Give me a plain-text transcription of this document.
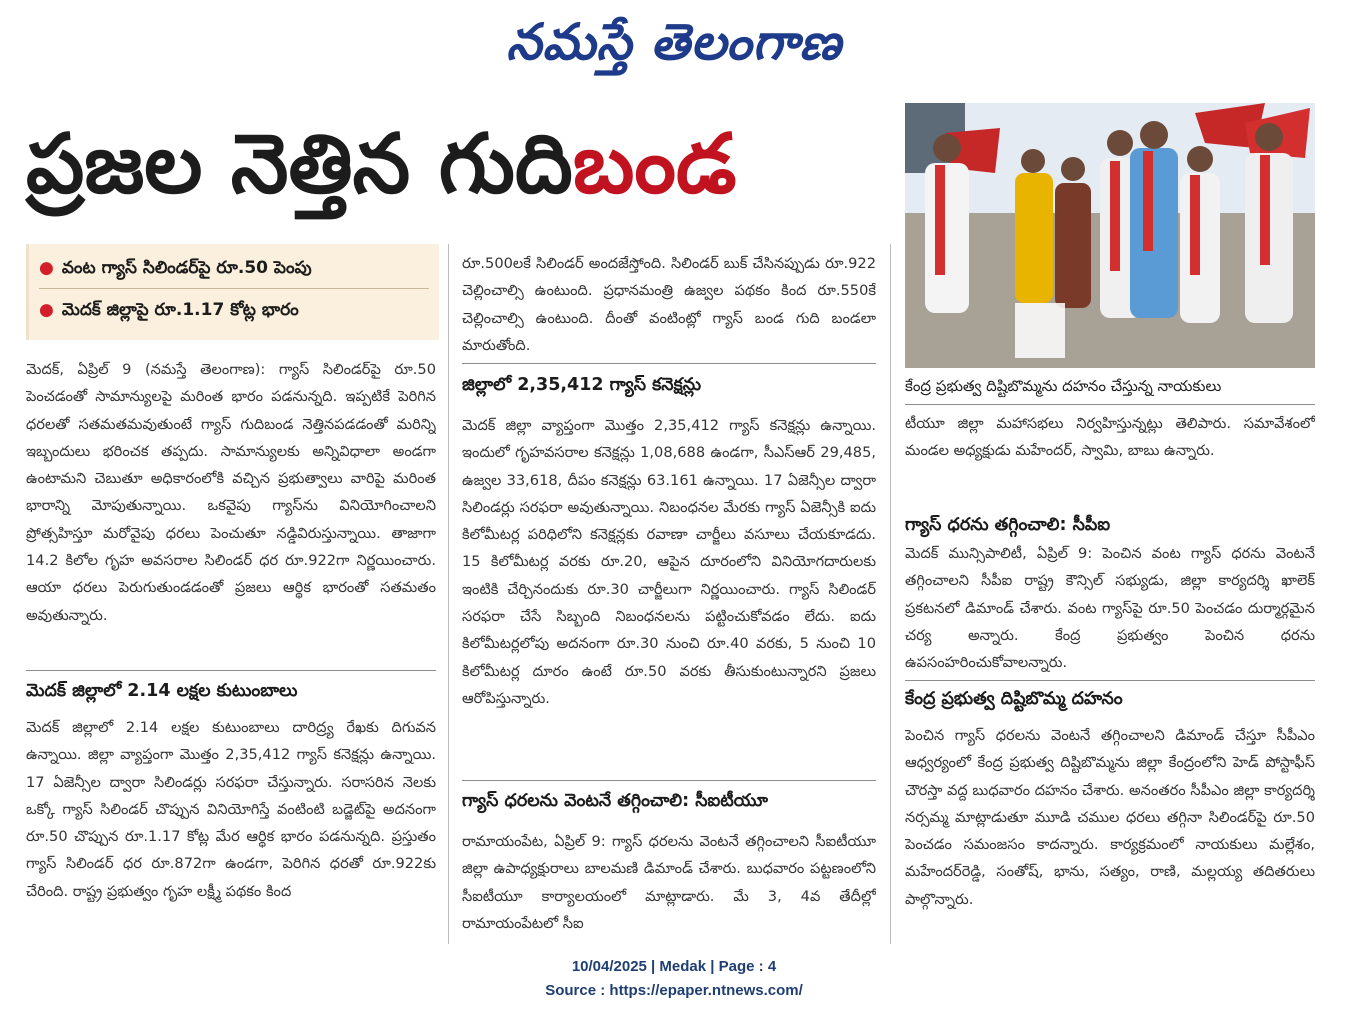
నమస్తే తెలంగాణ
ప్రజల నెత్తిన గుదిబండ
● వంట గ్యాస్ సిలిండర్‌పై రూ.50 పెంపు
● మెదక్ జిల్లాపై రూ.1.17 కోట్ల భారం

మెదక్, ఏప్రిల్ 9 (నమస్తే తెలంగాణ): గ్యాస్ సిలిండర్‌పై రూ.50 పెంచడంతో సామాన్యులపై మరింత భారం పడనున్నది. ఇప్పటికే పెరిగిన ధరలతో సతమతమవుతుంటే గ్యాస్ గుదిబండ నెత్తినపడడంతో మరిన్ని ఇబ్బందులు భరించక తప్పదు. సామాన్యులకు అన్నివిధాలా అండగా ఉంటామని చెబుతూ అధికారంలోకి వచ్చిన ప్రభుత్వాలు వారిపై మరింత భారాన్ని మోపుతున్నాయి. ఒకవైపు గ్యాస్‌ను వినియోగించాలని ప్రోత్సహిస్తూ మరోవైపు ధరలు పెంచుతూ నడ్డివిరుస్తున్నాయి. తాజాగా 14.2 కిలోల గృహ అవసరాల సిలిండర్ ధర రూ.922గా నిర్ణయించారు. ఆయా ధరలు పెరుగుతుండడంతో ప్రజలు ఆర్థిక భారంతో సతమతం అవుతున్నారు.

మెదక్ జిల్లాలో 2.14 లక్షల కుటుంబాలు

మెదక్ జిల్లాలో 2.14 లక్షల కుటుంబాలు దారిద్ర్య రేఖకు దిగువన ఉన్నాయి. జిల్లా వ్యాప్తంగా మొత్తం 2,35,412 గ్యాస్ కనెక్షన్లు ఉన్నాయి. 17 ఏజెన్సీల ద్వారా సిలిండర్లు సరఫరా చేస్తున్నారు. సరాసరిన నెలకు ఒక్కో గ్యాస్ సిలిండర్ చొప్పున వినియోగిస్తే వంటింటి బడ్జెట్‌పై అదనంగా రూ.50 చొప్పున రూ.1.17 కోట్ల మేర ఆర్థిక భారం పడనున్నది. ప్రస్తుతం గ్యాస్ సిలిండర్ ధర రూ.872గా ఉండగా, పెరిగిన ధరతో రూ.922కు చేరింది. రాష్ట్ర ప్రభుత్వం గృహ లక్ష్మీ పథకం కింద

రూ.500లకే సిలిండర్ అందజేస్తోంది. సిలిండర్ బుక్ చేసినప్పుడు రూ.922 చెల్లించాల్సి ఉంటుంది. ప్రధానమంత్రి ఉజ్వల పథకం కింద రూ.550కే చెల్లించాల్సి ఉంటుంది. దీంతో వంటింట్లో గ్యాస్ బండ గుది బండలా మారుతోంది.

జిల్లాలో 2,35,412 గ్యాస్ కనెక్షన్లు

మెదక్ జిల్లా వ్యాప్తంగా మొత్తం 2,35,412 గ్యాస్ కనెక్షన్లు ఉన్నాయి. ఇందులో గృహవసరాల కనెక్షన్లు 1,08,688 ఉండగా, సీఎస్‌ఆర్ 29,485, ఉజ్వల 33,618, దీపం కనెక్షన్లు 63.161 ఉన్నాయి. 17 ఏజెన్సీల ద్వారా సిలిండర్లు సరఫరా అవుతున్నాయి. నిబంధనల మేరకు గ్యాస్ ఏజెన్సీకి ఐదు కిలోమీటర్ల పరిధిలోని కనెక్షన్లకు రవాణా చార్జీలు వసూలు చేయకూడదు. 15 కిలోమీటర్ల వరకు రూ.20, ఆపైన దూరంలోని వినియోగదారులకు ఇంటికి చేర్చినందుకు రూ.30 చార్జీలుగా నిర్ణయించారు. గ్యాస్ సిలిండర్ సరఫరా చేసే సిబ్బంది నిబంధనలను పట్టించుకోవడం లేదు. ఐదు కిలోమీటర్లలోపు అదనంగా రూ.30 నుంచి రూ.40 వరకు, 5 నుంచి 10 కిలోమీటర్ల దూరం ఉంటే రూ.50 వరకు తీసుకుంటున్నారని ప్రజలు ఆరోపిస్తున్నారు.

గ్యాస్ ధరలను వెంటనే తగ్గించాలి: సీఐటీయూ

రామాయంపేట, ఏప్రిల్ 9: గ్యాస్ ధరలను వెంటనే తగ్గించాలని సీఐటీయూ జిల్లా ఉపాధ్యక్షురాలు బాలమణి డిమాండ్ చేశారు. బుధవారం పట్టణంలోని సీఐటీయూ కార్యాలయంలో మాట్లాడారు. మే 3, 4వ తేదీల్లో రామాయంపేటలో సీఐ

కేంద్ర ప్రభుత్వ దిష్టిబొమ్మను దహనం చేస్తున్న నాయకులు

టీయూ జిల్లా మహాసభలు నిర్వహిస్తున్నట్లు తెలిపారు. సమావేశంలో మండల అధ్యక్షుడు మహేందర్, స్వామి, బాబు ఉన్నారు.

గ్యాస్ ధరను తగ్గించాలి: సీపీఐ

మెదక్ మున్సిపాలిటీ, ఏప్రిల్ 9: పెంచిన వంట గ్యాస్ ధరను వెంటనే తగ్గించాలని సీపీఐ రాష్ట్ర కౌన్సిల్ సభ్యుడు, జిల్లా కార్యదర్శి ఖాలెక్ ప్రకటనలో డిమాండ్ చేశారు. వంట గ్యాస్‌పై రూ.50 పెంచడం దుర్మార్గమైన చర్య అన్నారు. కేంద్ర ప్రభుత్వం పెంచిన ధరను ఉపసంహరించుకోవాలన్నారు.

కేంద్ర ప్రభుత్వ దిష్టిబొమ్మ దహనం

పెంచిన గ్యాస్ ధరలను వెంటనే తగ్గించాలని డిమాండ్ చేస్తూ సీపీఎం ఆధ్వర్యంలో కేంద్ర ప్రభుత్వ దిష్టిబొమ్మను జిల్లా కేంద్రంలోని హెడ్ పోస్టాఫీస్ చౌరస్తా వద్ద బుధవారం దహనం చేశారు. అనంతరం సీపీఎం జిల్లా కార్యదర్శి నర్సమ్మ మాట్లాడుతూ మూడి చముల ధరలు తగ్గినా సిలిండర్‌పై రూ.50 పెంచడం సమంజసం కాదన్నారు. కార్యక్రమంలో నాయకులు మల్లేశం, మహేందర్‌రెడ్డి, సంతోష్, భాను, సత్యం, రాణి, మల్లయ్య తదితరులు పాల్గొన్నారు.

10/04/2025 | Medak | Page : 4
Source : https://epaper.ntnews.com/
